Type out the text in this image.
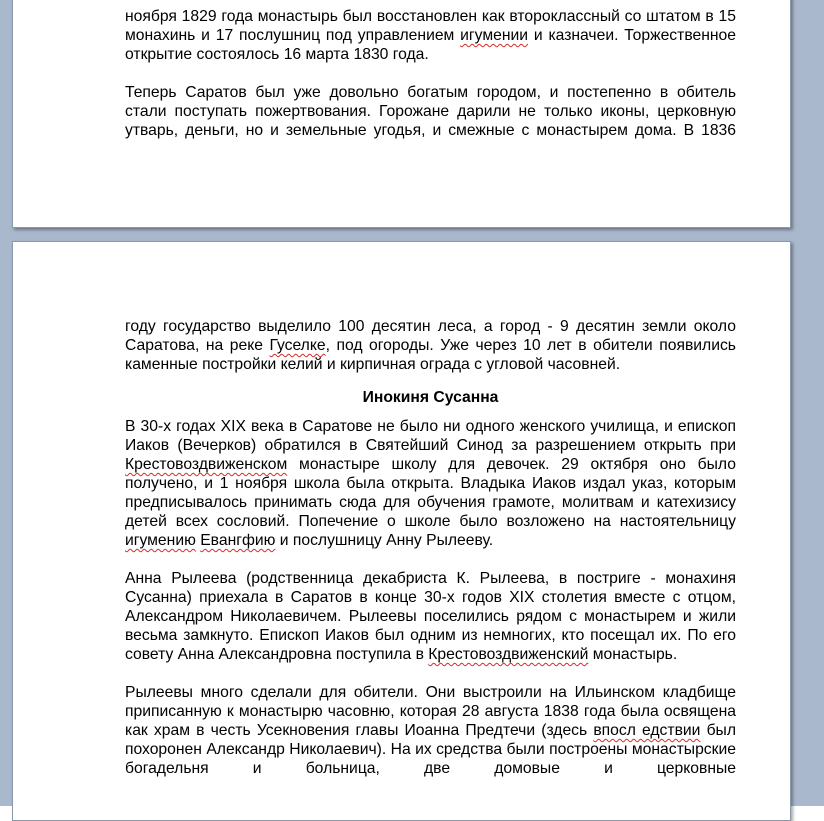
ноября 1829 года монастырь был восстановлен как второклассный со штатом в 15 монахинь и 17 послушниц под управлением игумении и казначеи. Торжественное открытие состоялось 16 марта 1830 года.

Теперь Саратов был уже довольно богатым городом, и постепенно в обитель стали поступать пожертвования. Горожане дарили не только иконы, церковную утварь, деньги, но и земельные угодья, и смежные с монастырем дома. В 1836

году государство выделило 100 десятин леса, а город - 9 десятин земли около Саратова, на реке Гуселке, под огороды. Уже через 10 лет в обители появились каменные постройки келий и кирпичная ограда с угловой часовней.

Инокиня Сусанна

В 30-х годах XIX века в Саратове не было ни одного женского училища, и епископ Иаков (Вечерков) обратился в Святейший Синод за разрешением открыть при Крестовоздвиженском монастыре школу для девочек. 29 октября оно было получено, и 1 ноября школа была открыта. Владыка Иаков издал указ, которым предписывалось принимать сюда для обучения грамоте, молитвам и катехизису детей всех сословий. Попечение о школе было возложено на настоятельницу игумению Евангфию и послушницу Анну Рылееву.

Анна Рылеева (родственница декабриста К. Рылеева, в постриге - монахиня Сусанна) приехала в Саратов в конце 30-х годов XIX столетия вместе с отцом, Александром Николаевичем. Рылеевы поселились рядом с монастырем и жили весьма замкнуто. Епископ Иаков был одним из немногих, кто посещал их. По его совету Анна Александровна поступила в Крестовоздвиженский монастырь.

Рылеевы много сделали для обители. Они выстроили на Ильинском кладбище приписанную к монастырю часовню, которая 28 августа 1838 года была освящена как храм в честь Усекновения главы Иоанна Предтечи (здесь впосл едствии был похоронен Александр Николаевич). На их средства были построены монастырские богадельня и больница, две домовые и церковные
